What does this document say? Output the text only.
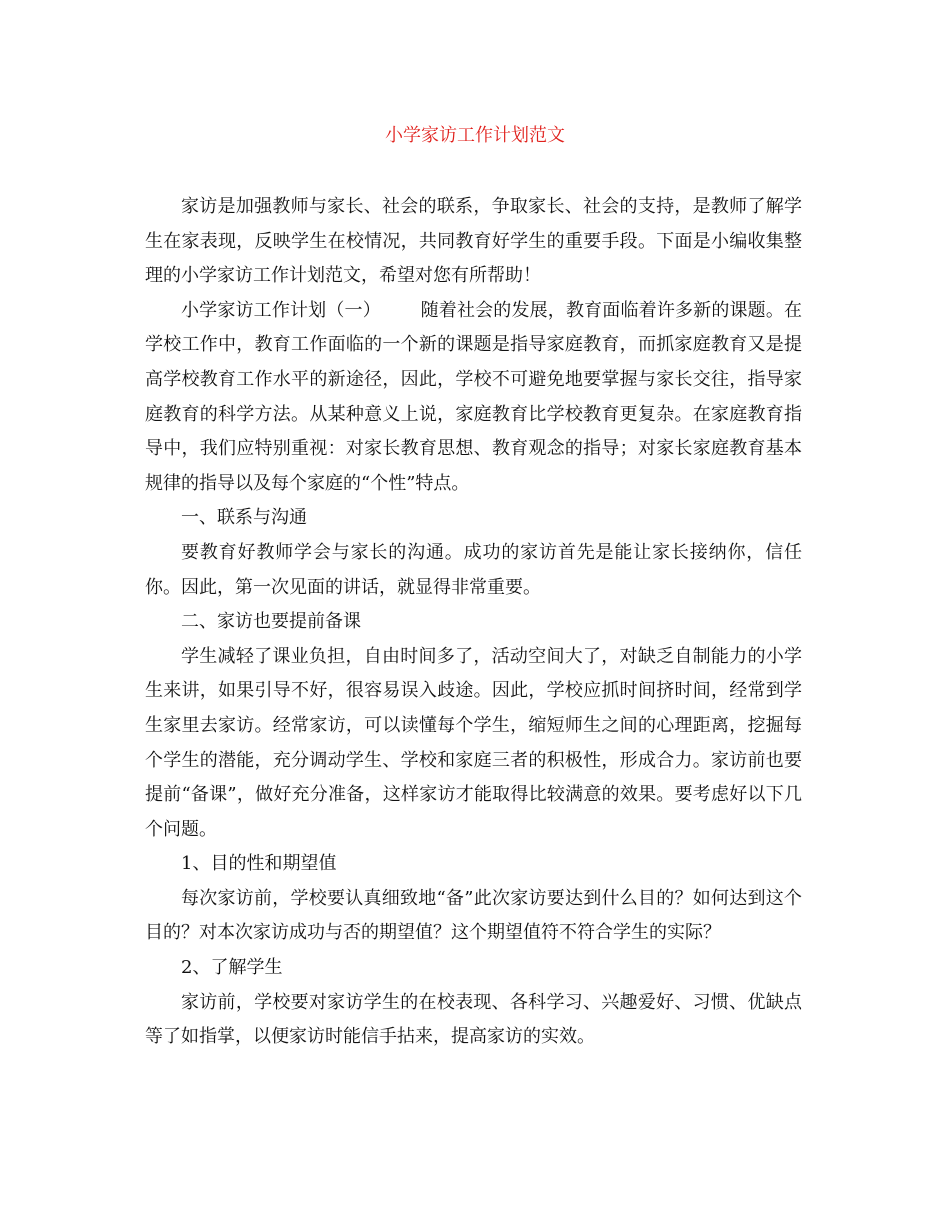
小学家访工作计划范文

家访是加强教师与家长、社会的联系，争取家长、社会的支持，是教师了解学生在家表现，反映学生在校情况，共同教育好学生的重要手段。下面是小编收集整理的小学家访工作计划范文，希望对您有所帮助！

小学家访工作计划（一） 随着社会的发展，教育面临着许多新的课题。在学校工作中，教育工作面临的一个新的课题是指导家庭教育，而抓家庭教育又是提高学校教育工作水平的新途径，因此，学校不可避免地要掌握与家长交往，指导家庭教育的科学方法。从某种意义上说，家庭教育比学校教育更复杂。在家庭教育指导中，我们应特别重视：对家长教育思想、教育观念的指导；对家长家庭教育基本规律的指导以及每个家庭的“个性”特点。

一、联系与沟通

要教育好教师学会与家长的沟通。成功的家访首先是能让家长接纳你，信任你。因此，第一次见面的讲话，就显得非常重要。

二、家访也要提前备课

学生减轻了课业负担，自由时间多了，活动空间大了，对缺乏自制能力的小学生来讲，如果引导不好，很容易误入歧途。因此，学校应抓时间挤时间，经常到学生家里去家访。经常家访，可以读懂每个学生，缩短师生之间的心理距离，挖掘每个学生的潜能，充分调动学生、学校和家庭三者的积极性，形成合力。家访前也要提前“备课”，做好充分准备，这样家访才能取得比较满意的效果。要考虑好以下几个问题。

1、目的性和期望值

每次家访前，学校要认真细致地“备”此次家访要达到什么目的？如何达到这个目的？对本次家访成功与否的期望值？这个期望值符不符合学生的实际？

2、了解学生

家访前，学校要对家访学生的在校表现、各科学习、兴趣爱好、习惯、优缺点等了如指掌，以便家访时能信手拈来，提高家访的实效。
